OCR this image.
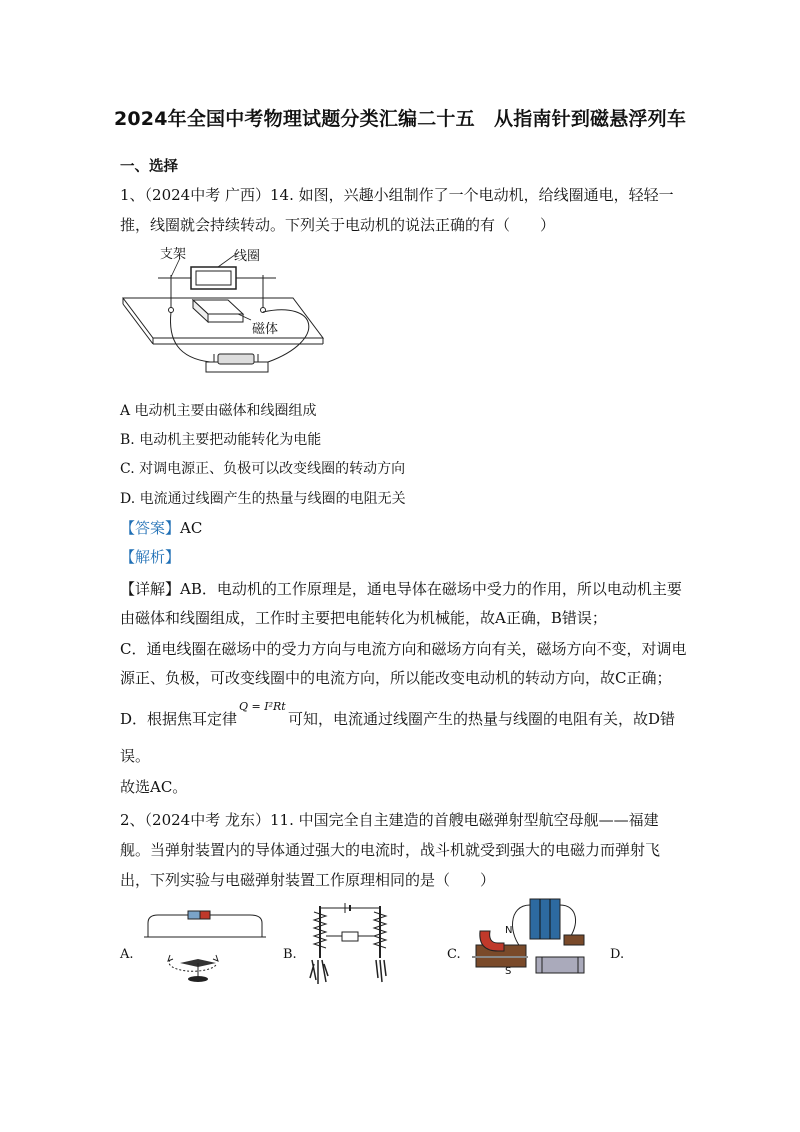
2024年全国中考物理试题分类汇编二十五　从指南针到磁悬浮列车
一、选择
1、（2024中考 广西）14. 如图，兴趣小组制作了一个电动机，给线圈通电，轻轻一
推，线圈就会持续转动。下列关于电动机的说法正确的有（　　）
支架	线圈
磁体
A 电动机主要由磁体和线圈组成
B. 电动机主要把动能转化为电能
C. 对调电源正、负极可以改变线圈的转动方向
D. 电流通过线圈产生的热量与线圈的电阻无关
【答案】AC
【解析】
【详解】AB．电动机的工作原理是，通电导体在磁场中受力的作用，所以电动机主要
由磁体和线圈组成，工作时主要把电能转化为机械能，故A正确，B错误；
C．通电线圈在磁场中的受力方向与电流方向和磁场方向有关，磁场方向不变，对调电
源正、负极，可改变线圈中的电流方向，所以能改变电动机的转动方向，故C正确；
D．根据焦耳定律
Q = I²Rt
可知，电流通过线圈产生的热量与线圈的电阻有关，故D错
误。
故选AC。
2、（2024中考 龙东）11. 中国完全自主建造的首艘电磁弹射型航空母舰——福建
舰。当弹射装置内的导体通过强大的电流时，战斗机就受到强大的电磁力而弹射飞
出，下列实验与电磁弹射装置工作原理相同的是（　　）
A.	B.	C.	D.
N
S
